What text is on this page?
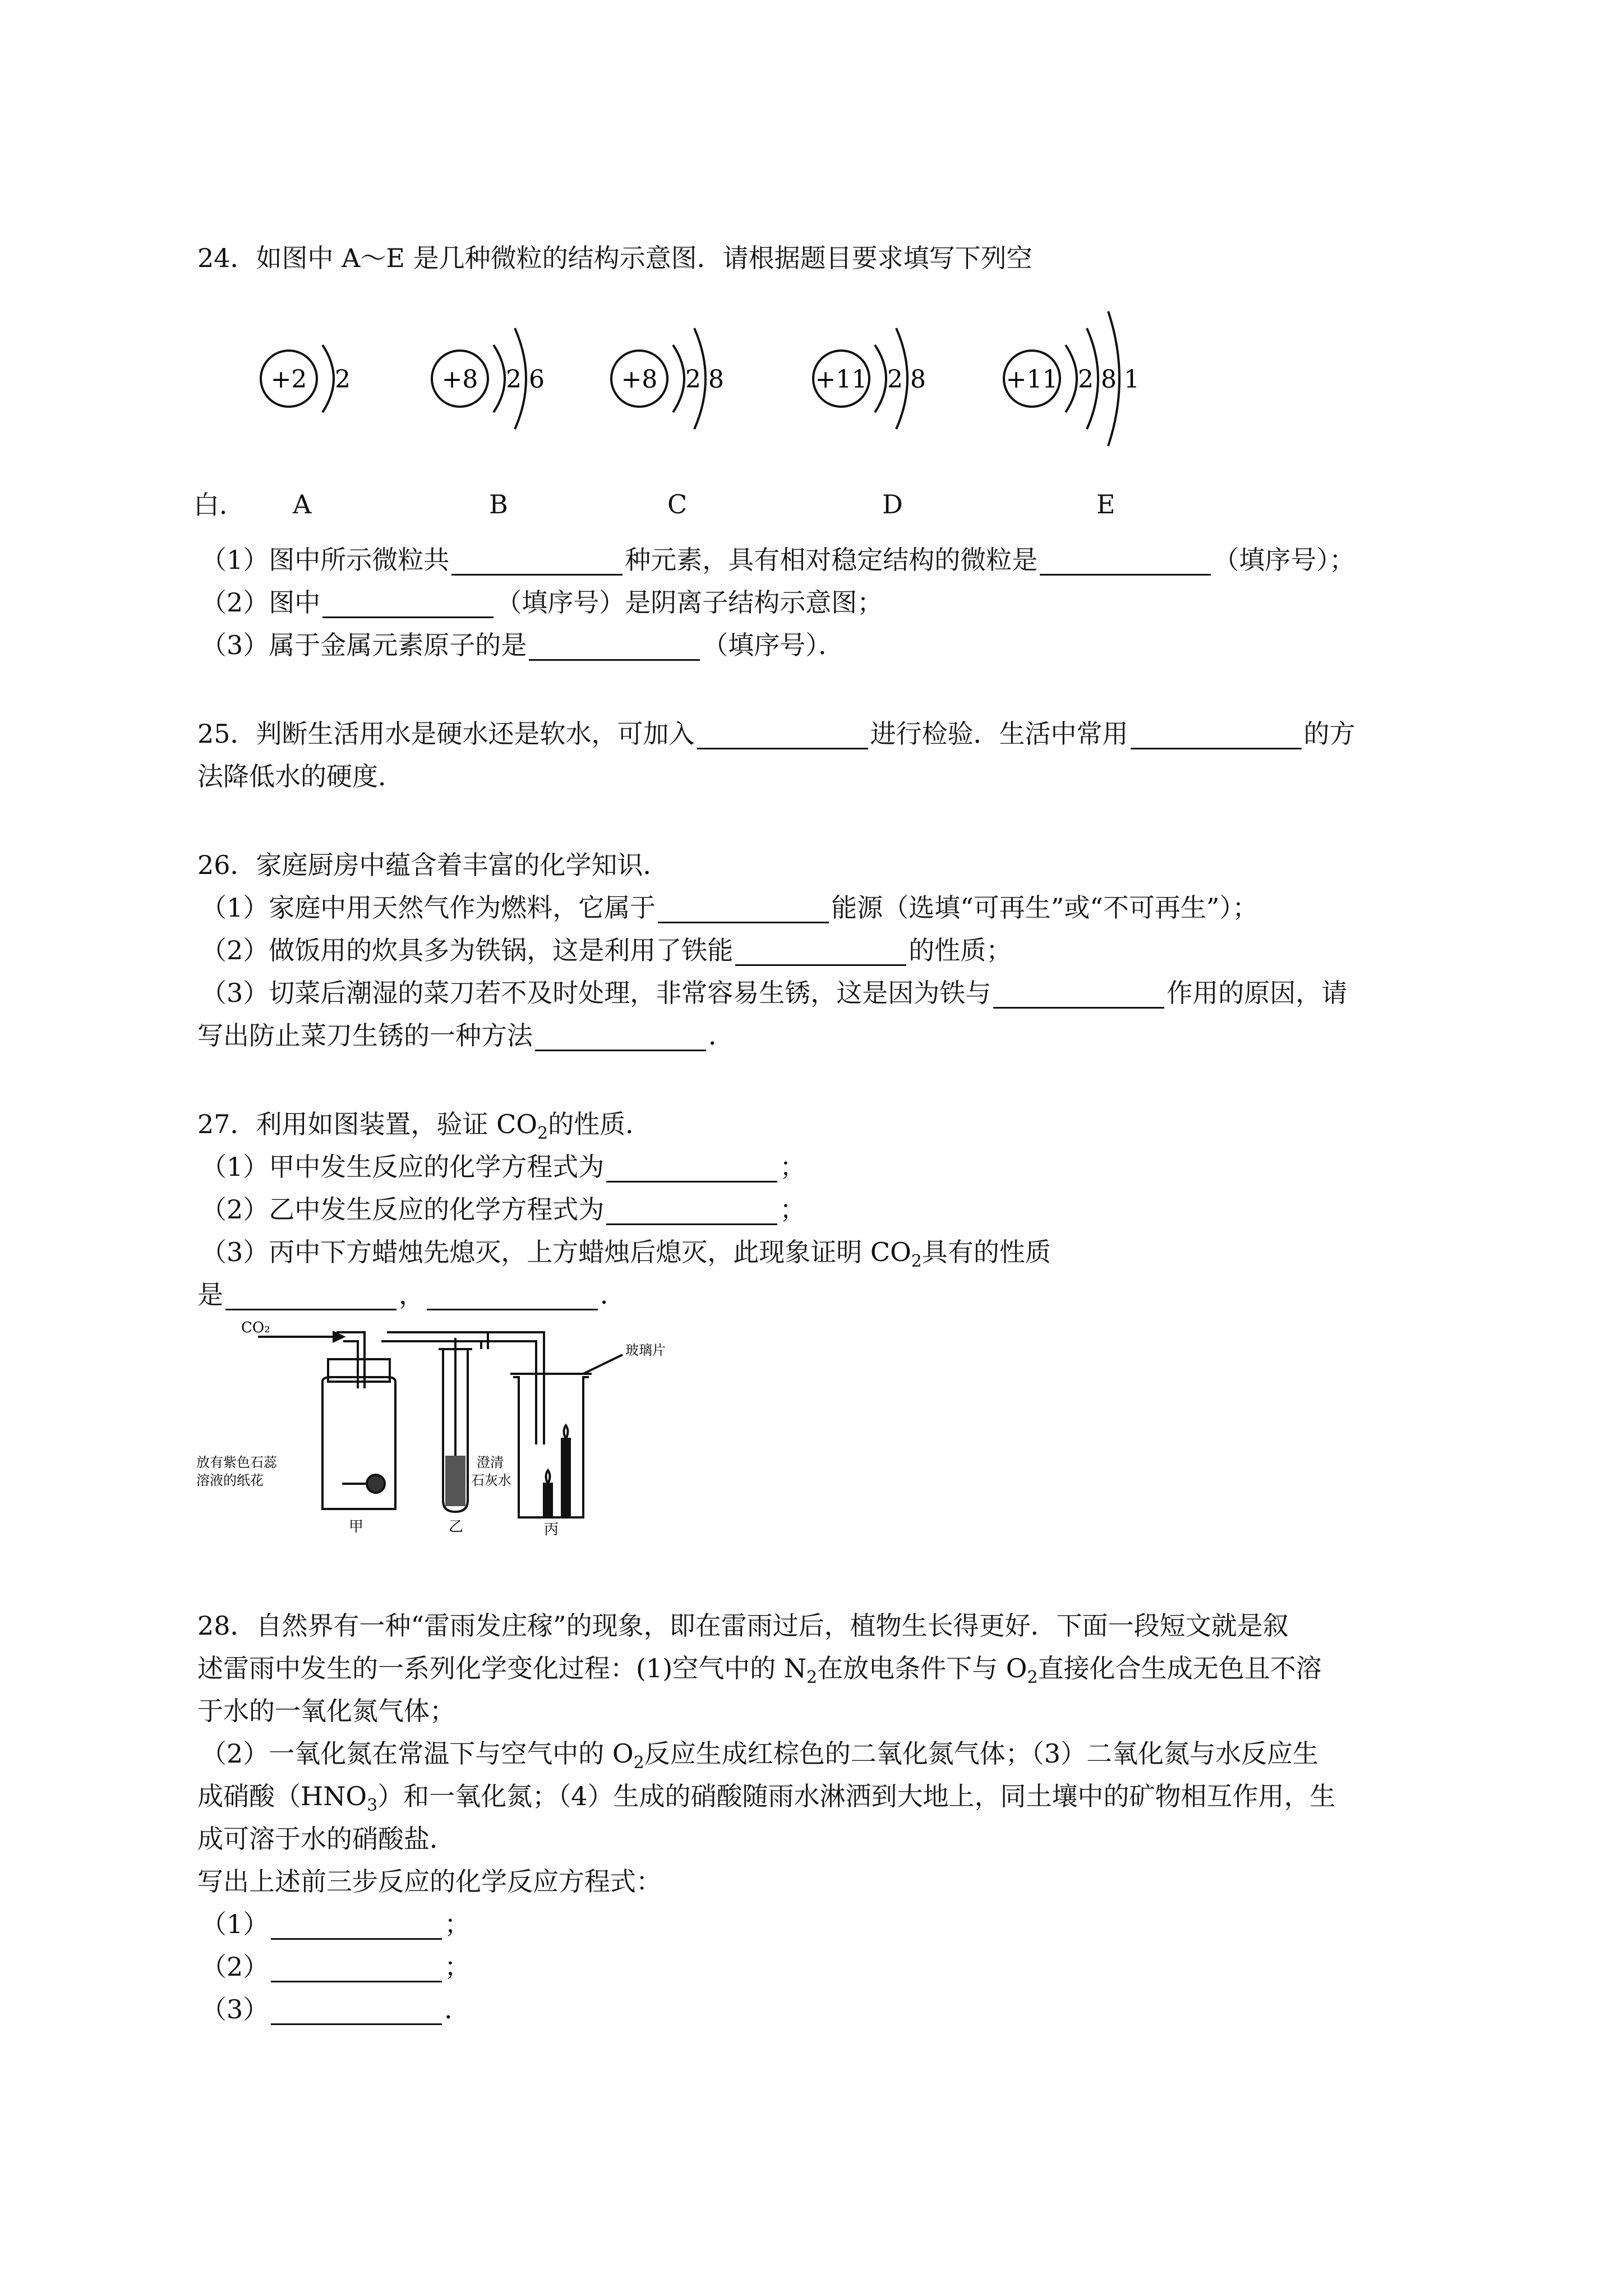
24．如图中 A～E 是几种微粒的结构示意图．请根据题目要求填写下列空
+2 2	+8 2 6	+8 2 8	+11 2 8	+11 2 8 1
白． A	B	C	D	E
（1）图中所示微粒共	种元素，具有相对稳定结构的微粒是	（填序号）；
（2）图中	（填序号）是阴离子结构示意图；
（3）属于金属元素原子的是	（填序号）．
25．判断生活用水是硬水还是软水，可加入	进行检验．生活中常用	的方
法降低水的硬度．
26．家庭厨房中蕴含着丰富的化学知识．
（1）家庭中用天然气作为燃料，它属于	能源（选填“可再生”或“不可再生”）；
（2）做饭用的炊具多为铁锅，这是利用了铁能	的性质；
（3）切菜后潮湿的菜刀若不及时处理，非常容易生锈，这是因为铁与	作用的原因，请
写出防止菜刀生锈的一种方法	．
27．利用如图装置，验证 $CO_2$的性质．
（1）甲中发生反应的化学方程式为	；
（2）乙中发生反应的化学方程式为	；
（3）丙中下方蜡烛先熄灭，上方蜡烛后熄灭，此现象证明 $CO_2$具有的性质
是	，	．
CO₂
玻璃片
放有紫色石蕊
溶液的纸花
澄清
石灰水
甲	乙	丙
28．自然界有一种“雷雨发庄稼”的现象，即在雷雨过后，植物生长得更好．下面一段短文就是叙
述雷雨中发生的一系列化学变化过程：(1)空气中的 $N_2$在放电条件下与 $O_2$直接化合生成无色且不溶
于水的一氧化氮气体；
（2）一氧化氮在常温下与空气中的 $O_2$反应生成红棕色的二氧化氮气体；（3）二氧化氮与水反应生
成硝酸$(HNO_3)$和一氧化氮；（4）生成的硝酸随雨水淋洒到大地上，同土壤中的矿物相互作用，生
成可溶于水的硝酸盐．
写出上述前三步反应的化学反应方程式：
（1）	；
（2）	；
（3）	．
